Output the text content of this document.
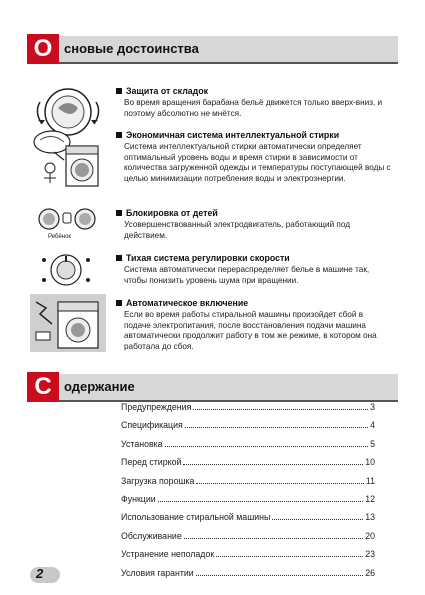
О сновые достоинства
Ребёнок
Защита от складок
Во время вращения барабана бельё движется только вверх-вниз, и поэтому абсолютно не мнётся.
Экономичная система интеллектуальной стирки
Система интеллектуальной стирки автоматически определяет оптимальный уровень воды и время стирки в зависимости от количества загруженной одежды и температуры поступающей воды с целью минимизации потребления воды и электроэнергии.
Блокировка от детей
Усовершенствованный электродвигатель, работающий под действием.
Тихая система регулировки скорости
Система автоматически перераспределяет белье в машине так, чтобы понизить уровень шума при вращении.
Автоматическое включение
Если во время работы стиральной машины произойдет сбой в подаче электропитания, после восстановления подачи машина автоматически продолжит работу в том же режиме, в котором она работала до сбоя.
С одержание
Предупреждения	3
Спецификация	4
Установка	5
Перед стиркой	10
Загрузка порошка	11
Функции	12
Использование стиральной машины	13
Обслуживание	20
Устранение неполадок	23
Условия гарантии	26
2
